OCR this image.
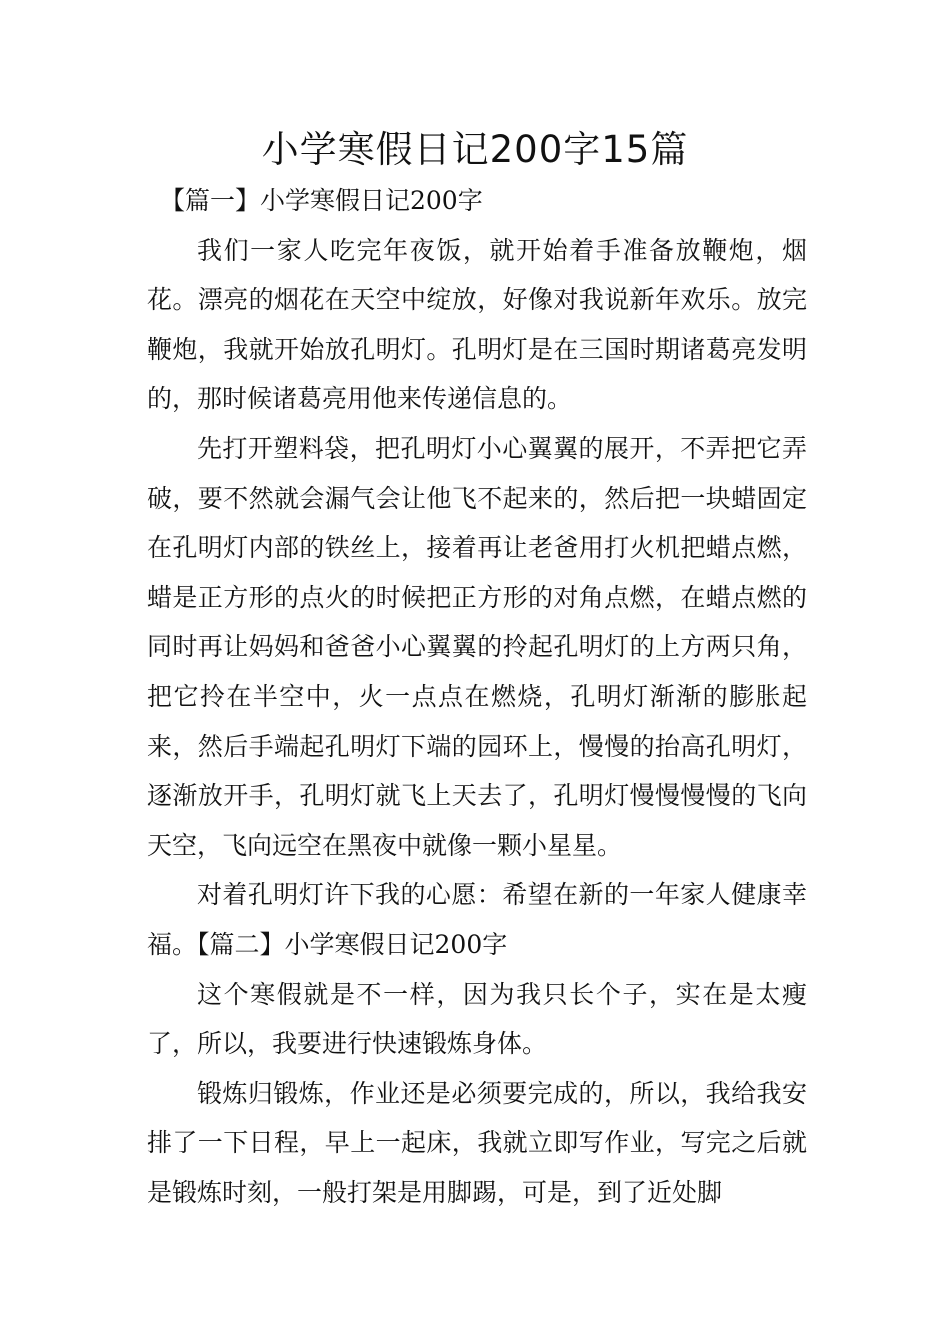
小学寒假日记200字15篇

【篇一】小学寒假日记200字

我们一家人吃完年夜饭，就开始着手准备放鞭炮，烟花。漂亮的烟花在天空中绽放，好像对我说新年欢乐。放完鞭炮，我就开始放孔明灯。孔明灯是在三国时期诸葛亮发明的，那时候诸葛亮用他来传递信息的。

先打开塑料袋，把孔明灯小心翼翼的展开，不弄把它弄破，要不然就会漏气会让他飞不起来的，然后把一块蜡固定在孔明灯内部的铁丝上，接着再让老爸用打火机把蜡点燃，蜡是正方形的点火的时候把正方形的对角点燃，在蜡点燃的同时再让妈妈和爸爸小心翼翼的拎起孔明灯的上方两只角，把它拎在半空中，火一点点在燃烧，孔明灯渐渐的膨胀起来，然后手端起孔明灯下端的园环上，慢慢的抬高孔明灯，逐渐放开手，孔明灯就飞上天去了，孔明灯慢慢慢慢的飞向天空，飞向远空在黑夜中就像一颗小星星。

对着孔明灯许下我的心愿：希望在新的一年家人健康幸福。【篇二】小学寒假日记200字

这个寒假就是不一样，因为我只长个子，实在是太瘦了，所以，我要进行快速锻炼身体。

锻炼归锻炼，作业还是必须要完成的，所以，我给我安排了一下日程，早上一起床，我就立即写作业，写完之后就是锻炼时刻，一般打架是用脚踢，可是，到了近处脚
